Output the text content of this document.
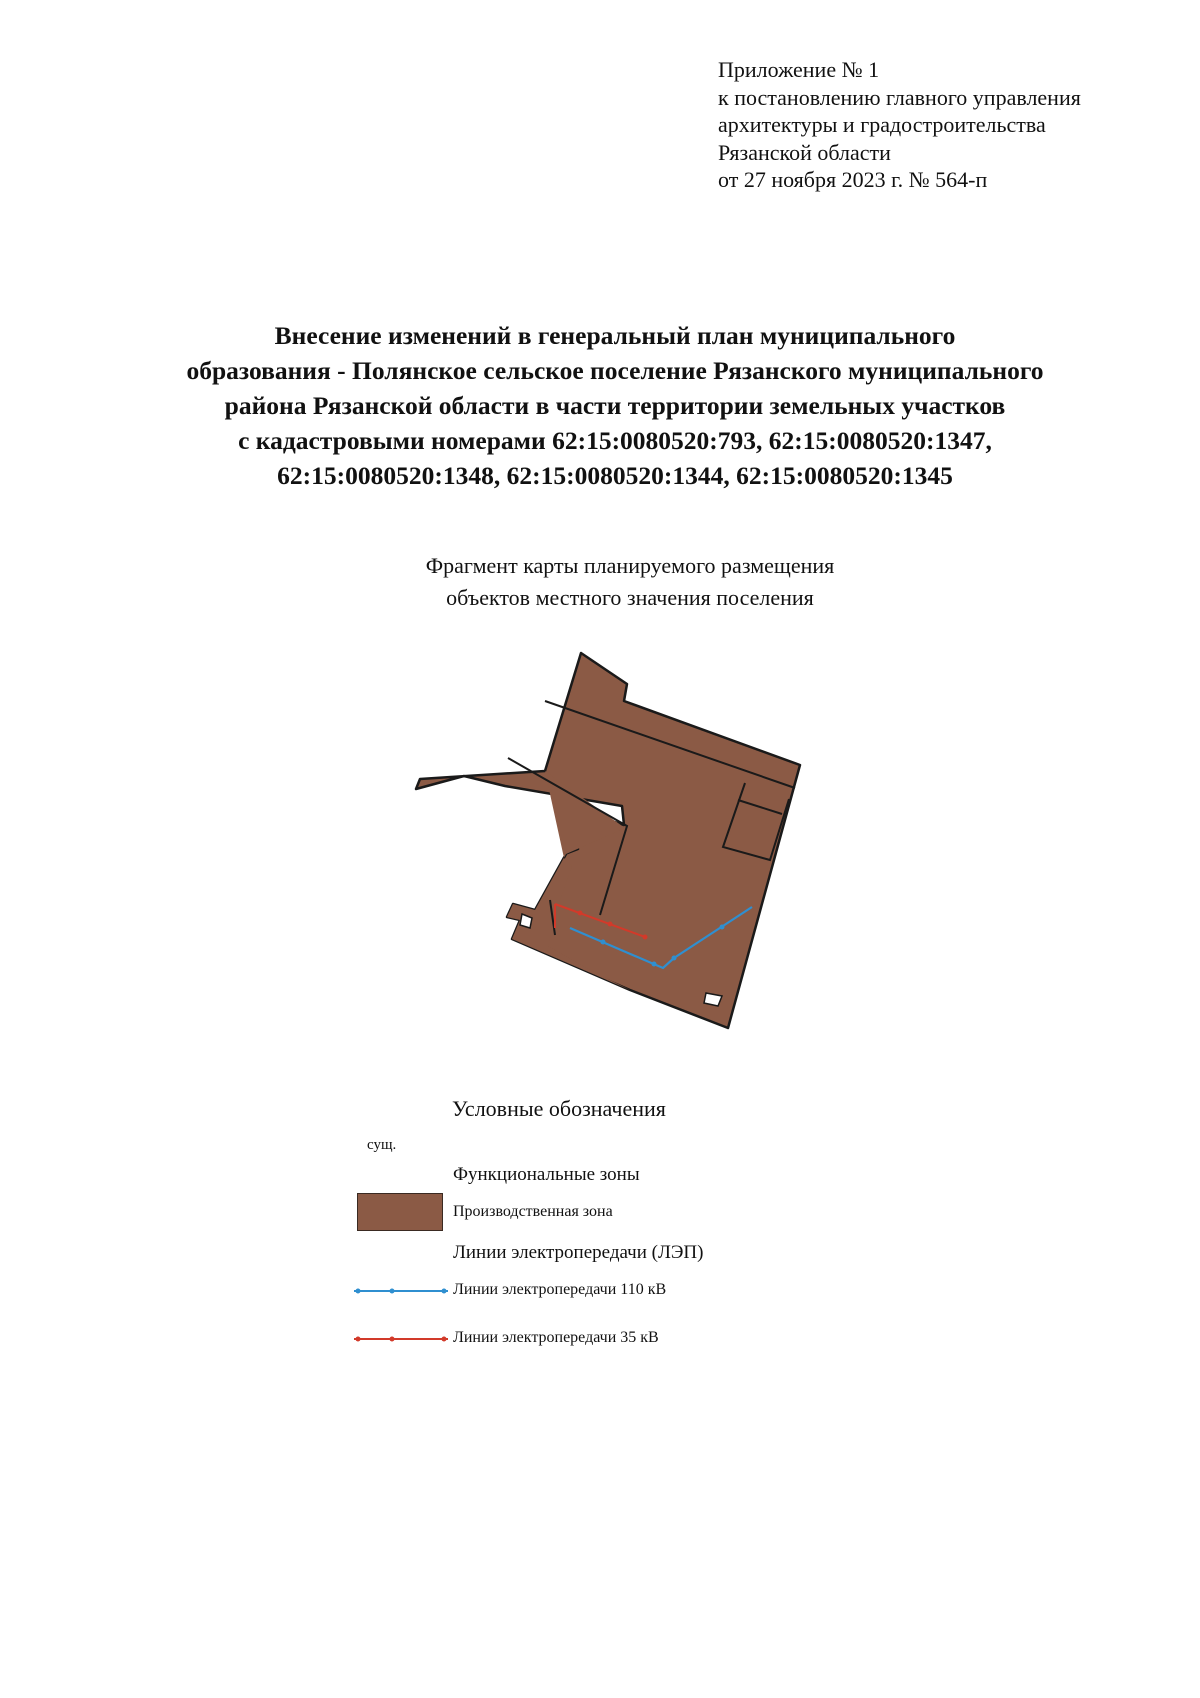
Приложение № 1
к постановлению главного управления
архитектуры и градостроительства
Рязанской области
от 27 ноября 2023 г. № 564-п
Внесение изменений в генеральный план муниципального
образования - Полянское сельское поселение Рязанского муниципального
района Рязанской области в части территории земельных участков
с кадастровыми номерами 62:15:0080520:793, 62:15:0080520:1347,
62:15:0080520:1348, 62:15:0080520:1344, 62:15:0080520:1345
Фрагмент карты планируемого размещения
объектов местного значения поселения
Условные обозначения
сущ.
Функциональные зоны
Производственная зона
Линии электропередачи (ЛЭП)
Линии электропередачи 110 кВ
Линии электропередачи 35 кВ
